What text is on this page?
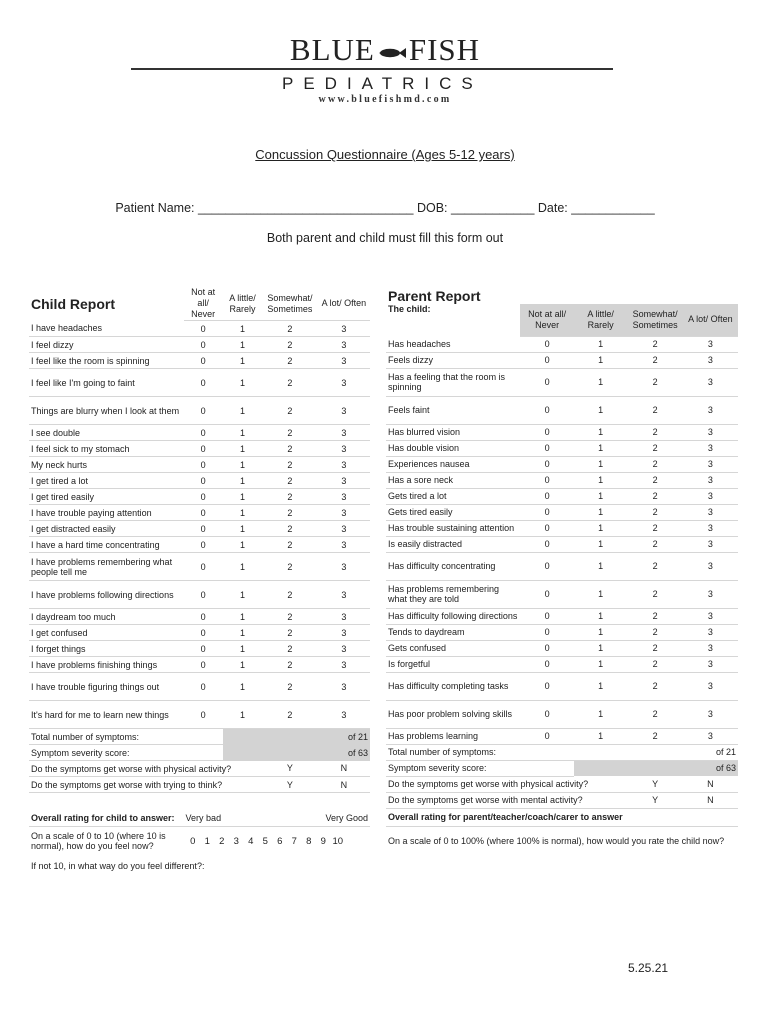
BLUE FISH
PEDIATRICS
www.bluefishmd.com
Concussion Questionnaire (Ages 5-12 years)
Patient Name: _______________________________ DOB: ____________ Date: ____________
Both parent and child must fill this form out
Child Report	Not at all/ Never	A little/ Rarely	Somewhat/ Sometimes	A lot/ Often
I have headaches	0	1	2	3
I feel dizzy	0	1	2	3
I feel like the room is spinning	0	1	2	3
I feel like I'm going to faint	0	1	2	3
Things are blurry when I look at them	0	1	2	3
I see double	0	1	2	3
I feel sick to my stomach	0	1	2	3
My neck hurts	0	1	2	3
I get tired a lot	0	1	2	3
I get tired easily	0	1	2	3
I have trouble paying attention	0	1	2	3
I get distracted easily	0	1	2	3
I have a hard time concentrating	0	1	2	3
I have problems remembering what people tell me	0	1	2	3
I have problems following directions	0	1	2	3
I daydream too much	0	1	2	3
I get confused	0	1	2	3
I forget things	0	1	2	3
I have problems finishing things	0	1	2	3
I have trouble figuring things out	0	1	2	3
It's hard for me to learn new things	0	1	2	3
Total number of symptoms:		of 21		
Symptom severity score:		of 63		
Do the symptoms get worse with physical activity?			Y	N
Do the symptoms get worse with trying to think?			Y	N

Overall rating for child to answer:	Very bad		Very Good	
On a scale of 0 to 10 (where 10 is normal), how do you feel now?	0 1 2 3 4 5 6 7 8 9 10			
If not 10, in what way do you feel different?:				
Parent Report				
The child:	Not at all/ Never	A little/ Rarely	Somewhat/ Sometimes	A lot/ Often
Has headaches	0	1	2	3
Feels dizzy	0	1	2	3
Has a feeling that the room is spinning	0	1	2	3
Feels faint	0	1	2	3
Has blurred vision	0	1	2	3
Has double vision	0	1	2	3
Experiences nausea	0	1	2	3
Has a sore neck	0	1	2	3
Gets tired a lot	0	1	2	3
Gets tired easily	0	1	2	3
Has trouble sustaining attention	0	1	2	3
Is easily distracted	0	1	2	3
Has difficulty concentrating	0	1	2	3
Has problems remembering what they are told	0	1	2	3
Has difficulty following directions	0	1	2	3
Tends to daydream	0	1	2	3
Gets confused	0	1	2	3
Is forgetful	0	1	2	3
Has difficulty completing tasks	0	1	2	3
Has poor problem solving skills	0	1	2	3
Has problems learning	0	1	2	3
Total number of symptoms:		of 21		
Symptom severity score:		of 63		
Do the symptoms get worse with physical activity?			Y	N
Do the symptoms get worse with mental activity?			Y	N
Overall rating for parent/teacher/coach/carer to answer				
On a scale of 0 to 100% (where 100% is normal), how would you rate the child now?				
5.25.21
